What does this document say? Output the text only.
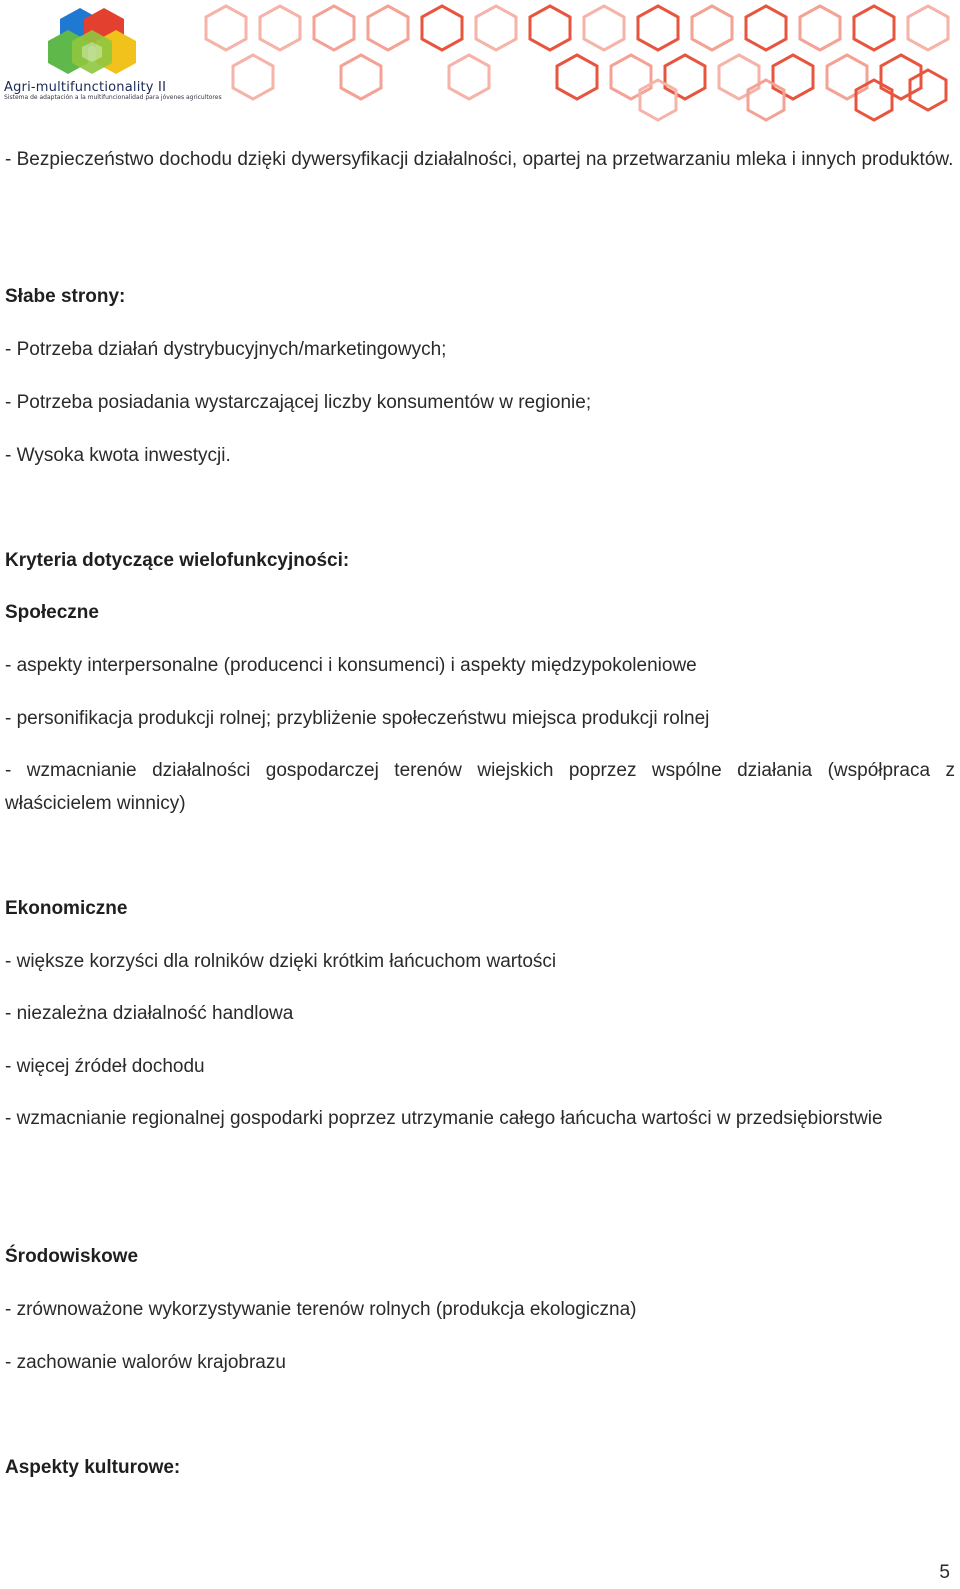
Agri-multifunctionality II
Sistema de adaptación a la multifuncionalidad para jóvenes agricultores
- Bezpieczeństwo dochodu dzięki dywersyfikacji działalności, opartej na przetwarzaniu mleka i innych produktów.
Słabe strony:
- Potrzeba działań dystrybucyjnych/marketingowych;
- Potrzeba posiadania wystarczającej liczby konsumentów w regionie;
- Wysoka kwota inwestycji.
Kryteria dotyczące wielofunkcyjności:
Społeczne
- aspekty interpersonalne (producenci i konsumenci) i aspekty międzypokoleniowe
- personifikacja produkcji rolnej; przybliżenie społeczeństwu miejsca produkcji rolnej
- wzmacnianie działalności gospodarczej terenów wiejskich poprzez wspólne działania (współpraca z właścicielem winnicy)
Ekonomiczne
- większe korzyści dla rolników dzięki krótkim łańcuchom wartości
- niezależna działalność handlowa
- więcej źródeł dochodu
- wzmacnianie regionalnej gospodarki poprzez utrzymanie całego łańcucha wartości w przedsiębiorstwie
Środowiskowe
- zrównoważone wykorzystywanie terenów rolnych (produkcja ekologiczna)
- zachowanie walorów krajobrazu
Aspekty kulturowe:
5
